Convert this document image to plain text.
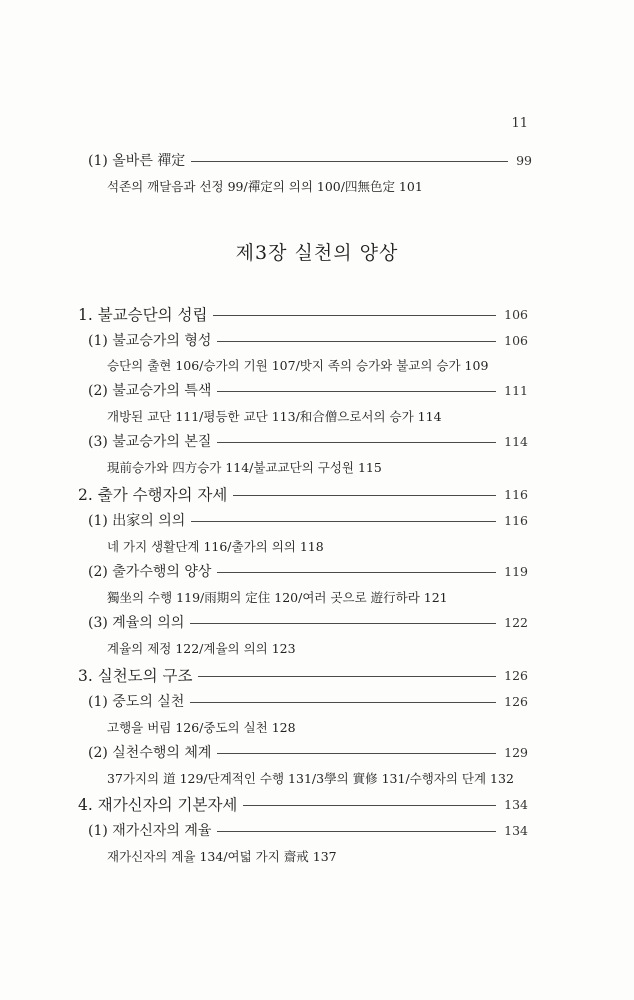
11
(1) 올바른 禪定	99
석존의 깨달음과 선정 99/禪定의 의의 100/四無色定 101
제3장 실천의 양상
1. 불교승단의 성립	106
(1) 불교승가의 형성	106
승단의 출현 106/승가의 기원 107/밧지 족의 승가와 불교의 승가 109
(2) 불교승가의 특색	111
개방된 교단 111/평등한 교단 113/和合僧으로서의 승가 114
(3) 불교승가의 본질	114
現前승가와 四方승가 114/불교교단의 구성원 115
2. 출가 수행자의 자세	116
(1) 出家의 의의	116
네 가지 생활단계 116/출가의 의의 118
(2) 출가수행의 양상	119
獨坐의 수행 119/雨期의 定住 120/여러 곳으로 遊行하라 121
(3) 계율의 의의	122
계율의 제정 122/계율의 의의 123
3. 실천도의 구조	126
(1) 중도의 실천	126
고행을 버림 126/중도의 실천 128
(2) 실천수행의 체계	129
37가지의 道 129/단계적인 수행 131/3學의 實修 131/수행자의 단계 132
4. 재가신자의 기본자세	134
(1) 재가신자의 계율	134
재가신자의 계율 134/여덟 가지 齋戒 137
